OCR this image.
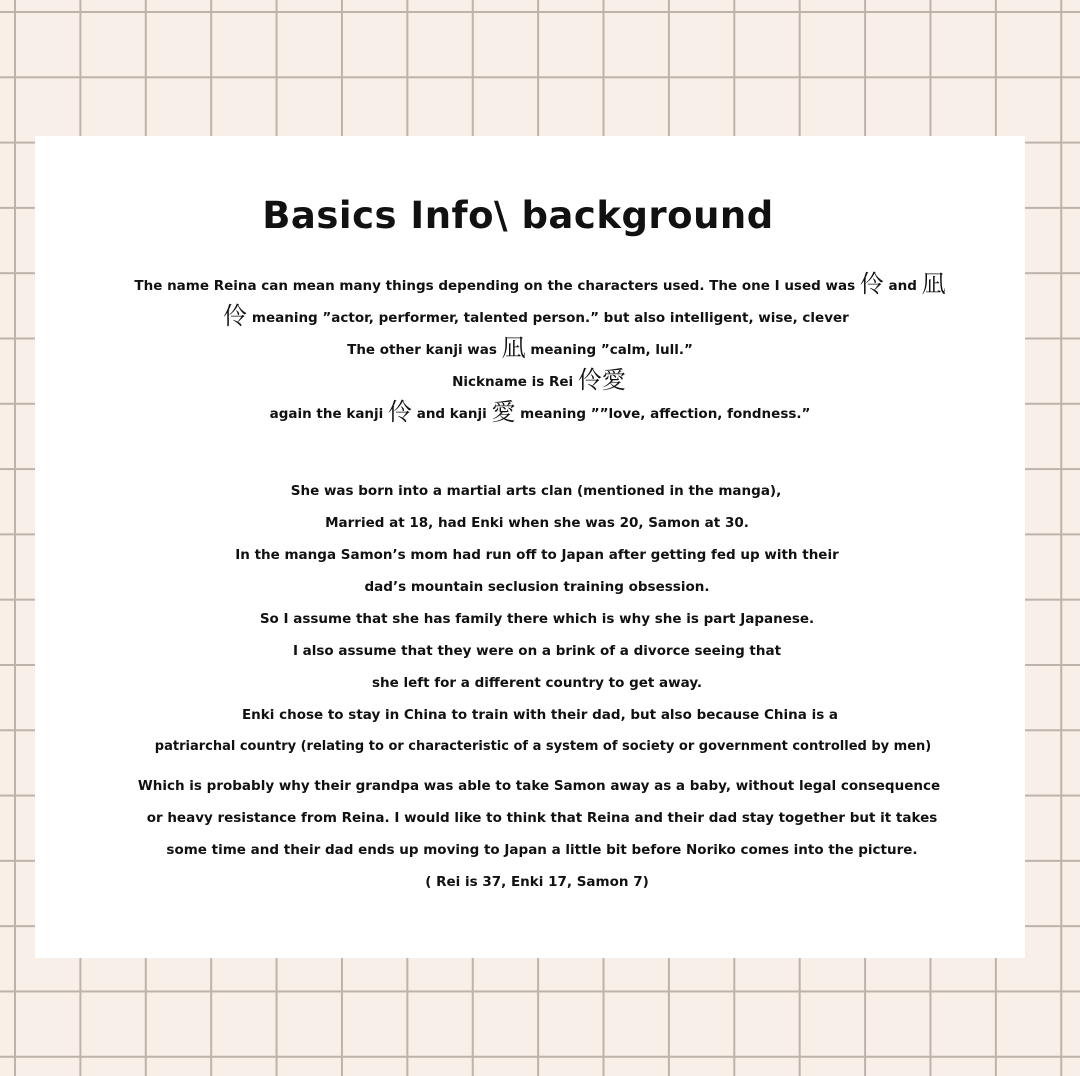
Basics Info\ background
The name Reina can mean many things depending on the characters used. The one I used was 伶 and 凪
伶 meaning ”actor, performer, talented person.” but also intelligent, wise, clever
The other kanji was 凪 meaning ”calm, lull.”
Nickname is Rei 伶愛
again the kanji 伶 and kanji 愛 meaning ””love, affection, fondness.”
She was born into a martial arts clan (mentioned in the manga),
Married at 18, had Enki when she was 20, Samon at 30.
In the manga Samon’s mom had run off to Japan after getting fed up with their
dad’s mountain seclusion training obsession.
So I assume that she has family there which is why she is part Japanese.
I also assume that they were on a brink of a divorce seeing that
she left for a different country to get away.
Enki chose to stay in China to train with their dad, but also because China is a
patriarchal country (relating to or characteristic of a system of society or government controlled by men)
Which is probably why their grandpa was able to take Samon away as a baby, without legal consequence
or heavy resistance from Reina. I would like to think that Reina and their dad stay together but it takes
some time and their dad ends up moving to Japan a little bit before Noriko comes into the picture.
( Rei is 37, Enki 17, Samon 7)
